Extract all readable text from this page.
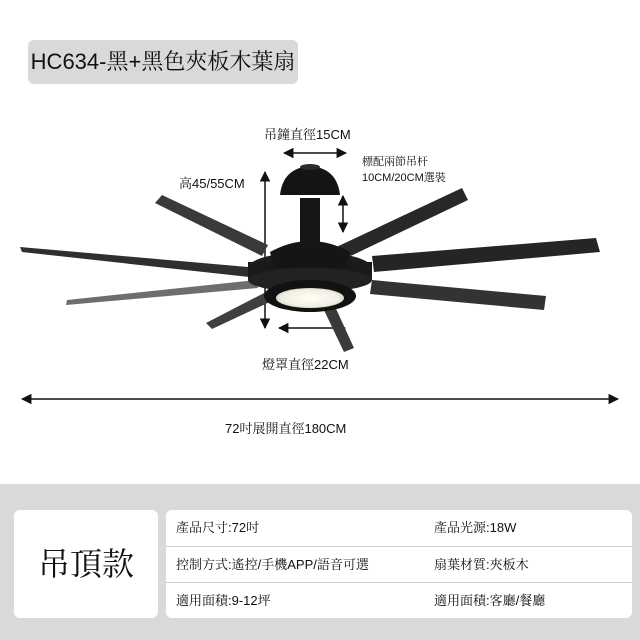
HC634-黑+黑色夾板木葉扇
吊鐘直徑15CM
高45/55CM
標配兩節吊杆 10CM/20CM選裝
燈罩直徑22CM
72吋展開直徑180CM
吊頂款
產品尺寸:72吋	產品光源:18W
控制方式:遙控/手機APP/語音可選	扇葉材質:夾板木
適用面積:9-12坪	適用面積:客廳/餐廳
